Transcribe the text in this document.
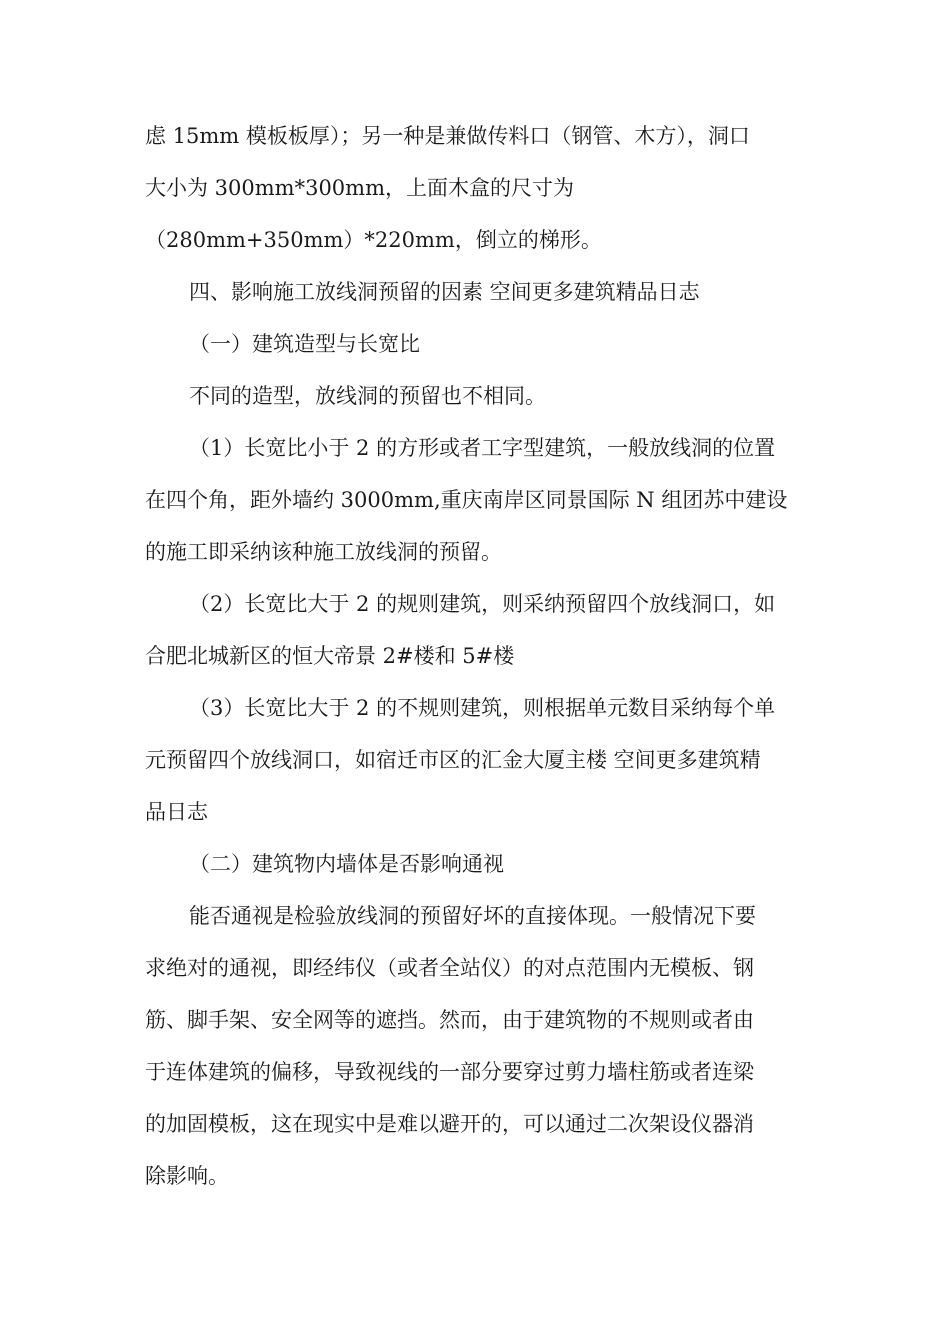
虑 15mm 模板板厚）；另一种是兼做传料口（钢管、木方），洞口
大小为 300mm*300mm，上面木盒的尺寸为
（280mm+350mm）*220mm，倒立的梯形。
四、影响施工放线洞预留的因素 空间更多建筑精品日志
（一）建筑造型与长宽比
不同的造型，放线洞的预留也不相同。
（1）长宽比小于 2 的方形或者工字型建筑，一般放线洞的位置
在四个角，距外墙约 3000mm,重庆南岸区同景国际 N 组团苏中建设
的施工即采纳该种施工放线洞的预留。
（2）长宽比大于 2 的规则建筑，则采纳预留四个放线洞口，如
合肥北城新区的恒大帝景 2#楼和 5#楼
（3）长宽比大于 2 的不规则建筑，则根据单元数目采纳每个单
元预留四个放线洞口，如宿迁市区的汇金大厦主楼 空间更多建筑精
品日志
（二）建筑物内墙体是否影响通视
能否通视是检验放线洞的预留好坏的直接体现。一般情况下要
求绝对的通视，即经纬仪（或者全站仪）的对点范围内无模板、钢
筋、脚手架、安全网等的遮挡。然而，由于建筑物的不规则或者由
于连体建筑的偏移，导致视线的一部分要穿过剪力墙柱筋或者连梁
的加固模板，这在现实中是难以避开的，可以通过二次架设仪器消
除影响。
